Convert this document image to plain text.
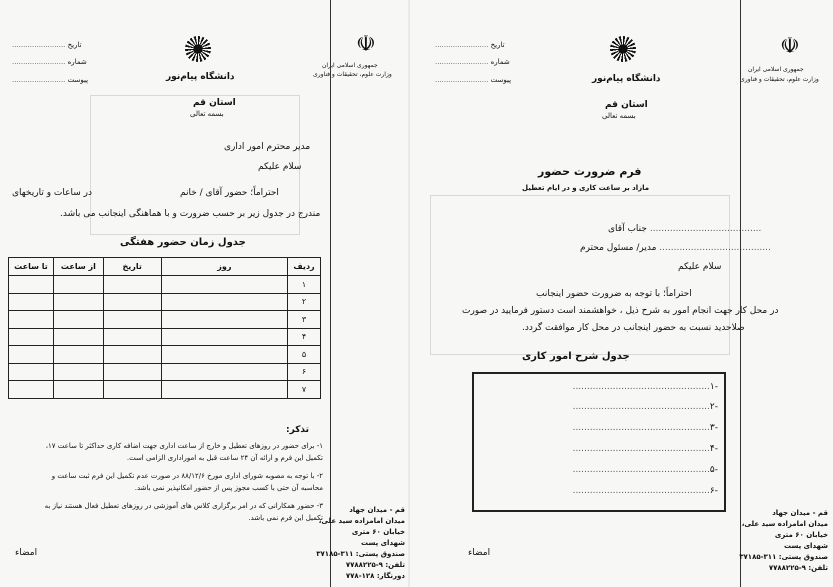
تاریخ ........................
شماره ........................
پیوست ........................	دانشگاه پیام‌نور
استان قم
بسمه تعالی
☫
جمهوری اسلامی ایران
وزارت علوم، تحقیقات و فناوری
مدیر محترم امور اداری
سلام علیکم
احتراماً؛ حضور آقای / خانم
در ساعات و تاریخهای
مندرج در جدول زیر بر حسب ضرورت و با هماهنگی اینجانب می باشد.
جدول زمان حضور هفتگی
ردیف	روز	تاریخ	از ساعت	تا ساعت
۱				
۲				
۳				
۴				
۵				
۶				
۷				
تذکر:
۱- برای حضور در روزهای تعطیل و خارج از ساعت اداری جهت اضافه کاری حداکثر تا ساعت ۱۷،
تکمیل این فرم و ارائه آن ۲۴ ساعت قبل به اموراداری الزامی است.
۲- با توجه به مصوبه شورای اداری مورخ ۸۸/۱۲/۶ در صورت عدم تکمیل این فرم ثبت ساعت و
محاسبه آن حتی با کسب مجوز پس از حضور امکانپذیر نمی باشد.
۳- حضور همکارانی که در امر برگزاری کلاس های آموزشی در روزهای تعطیل فعال هستند نیاز به
تکمیل این فرم نمی باشد.
امضاء
قم - میدان جهاد
میدان امامزاده سید علی،
خیابان ۶۰ متری
شهدای پست
صندوق پستی: ۳۱۱-۳۷۱۸۵
تلفن: ۹-۷۷۸۸۲۲۵
دورنگار: ۱۲۸-۷۷۸
تاریخ ........................
شماره ........................
پیوست ........................	دانشگاه پیام‌نور
استان قم
بسمه تعالی
☫
جمهوری اسلامی ایران
وزارت علوم، تحقیقات و فناوری
فرم ضرورت حضور
مازاد بر ساعت کاری و در ایام تعطیل
....................................... جناب آقای
....................................... مدیر/ مسئول محترم
سلام علیکم
احتراماً؛ با توجه به ضرورت حضور اینجانب
در محل کار جهت انجام امور به شرح ذیل ، خواهشمند است دستور فرمایید در صورت
صلاحدید نسبت به حضور اینجانب در محل کار موافقت گردد.
جدول شرح امور کاری
................................................۱-
................................................۲-
................................................۳-
................................................۴-
................................................۵-
................................................۶-
امضاء
قم - میدان جهاد
میدان امامزاده سید علی،
خیابان ۶۰ متری
شهدای پست
صندوق پستی: ۳۱۱-۳۷۱۸۵
تلفن: ۹-۷۷۸۸۲۲۵
